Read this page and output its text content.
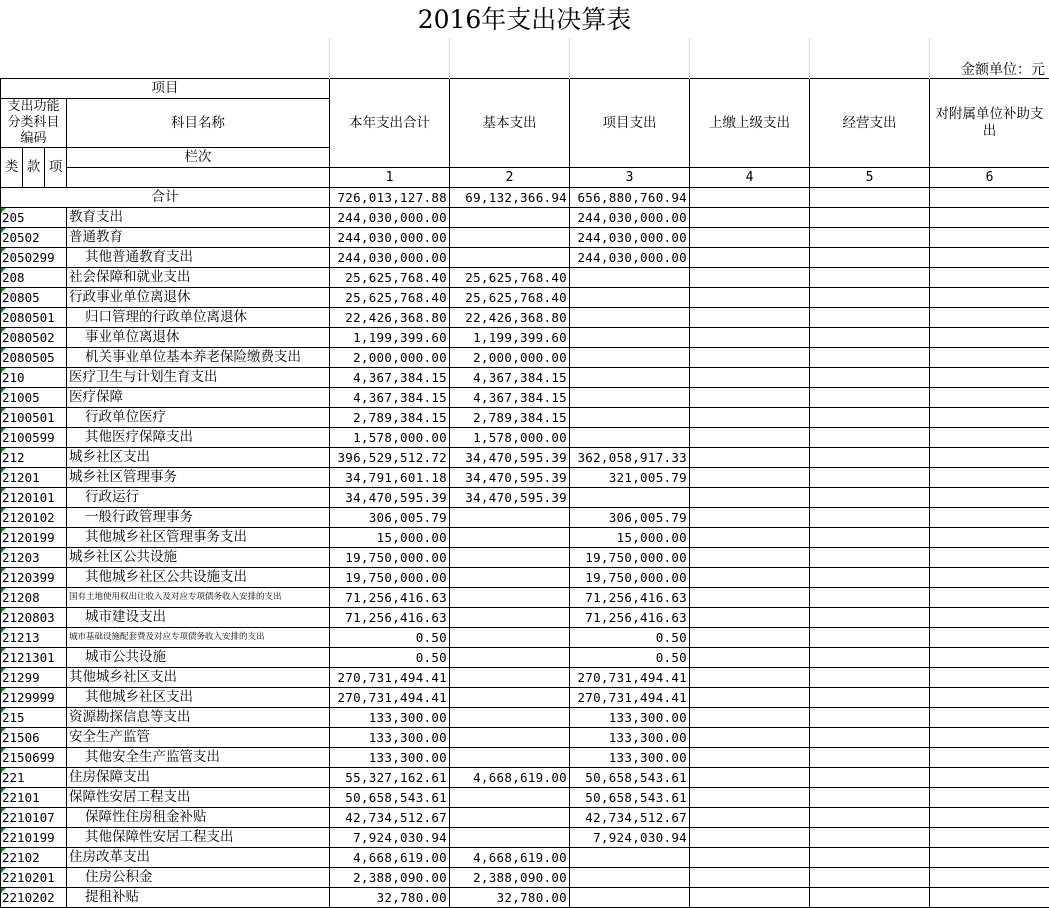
2016年支出决算表
金额单位：元

项目				本年支出合计	基本支出	项目支出	上缴上级支出	经营支出	对附属单位补助支出
支出功能分类科目编码			科目名称						

类	款	项	栏次						
				1	2	3	4	5	6
合计				726,013,127.88	69,132,366.94	656,880,760.94			
205			教育支出	244,030,000.00		244,030,000.00			
20502			普通教育	244,030,000.00		244,030,000.00			
2050299			其他普通教育支出	244,030,000.00		244,030,000.00			
208			社会保障和就业支出	25,625,768.40	25,625,768.40				
20805			行政事业单位离退休	25,625,768.40	25,625,768.40				
2080501			归口管理的行政单位离退休	22,426,368.80	22,426,368.80				
2080502			事业单位离退休	1,199,399.60	1,199,399.60				
2080505			机关事业单位基本养老保险缴费支出	2,000,000.00	2,000,000.00				
210			医疗卫生与计划生育支出	4,367,384.15	4,367,384.15				
21005			医疗保障	4,367,384.15	4,367,384.15				
2100501			行政单位医疗	2,789,384.15	2,789,384.15				
2100599			其他医疗保障支出	1,578,000.00	1,578,000.00				
212			城乡社区支出	396,529,512.72	34,470,595.39	362,058,917.33			
21201			城乡社区管理事务	34,791,601.18	34,470,595.39	321,005.79			
2120101			行政运行	34,470,595.39	34,470,595.39				
2120102			一般行政管理事务	306,005.79		306,005.79			
2120199			其他城乡社区管理事务支出	15,000.00		15,000.00			
21203			城乡社区公共设施	19,750,000.00		19,750,000.00			
2120399			其他城乡社区公共设施支出	19,750,000.00		19,750,000.00			
21208			国有土地使用权出让收入及对应专项债务收入安排的支出	71,256,416.63		71,256,416.63			
2120803			城市建设支出	71,256,416.63		71,256,416.63			
21213			城市基础设施配套费及对应专项债务收入安排的支出	0.50		0.50			
2121301			城市公共设施	0.50		0.50			
21299			其他城乡社区支出	270,731,494.41		270,731,494.41			
2129999			其他城乡社区支出	270,731,494.41		270,731,494.41			
215			资源勘探信息等支出	133,300.00		133,300.00			
21506			安全生产监管	133,300.00		133,300.00			
2150699			其他安全生产监管支出	133,300.00		133,300.00			
221			住房保障支出	55,327,162.61	4,668,619.00	50,658,543.61			
22101			保障性安居工程支出	50,658,543.61		50,658,543.61			
2210107			保障性住房租金补贴	42,734,512.67		42,734,512.67			
2210199			其他保障性安居工程支出	7,924,030.94		7,924,030.94			
22102			住房改革支出	4,668,619.00	4,668,619.00				
2210201			住房公积金	2,388,090.00	2,388,090.00				
2210202			提租补贴	32,780.00	32,780.00				
